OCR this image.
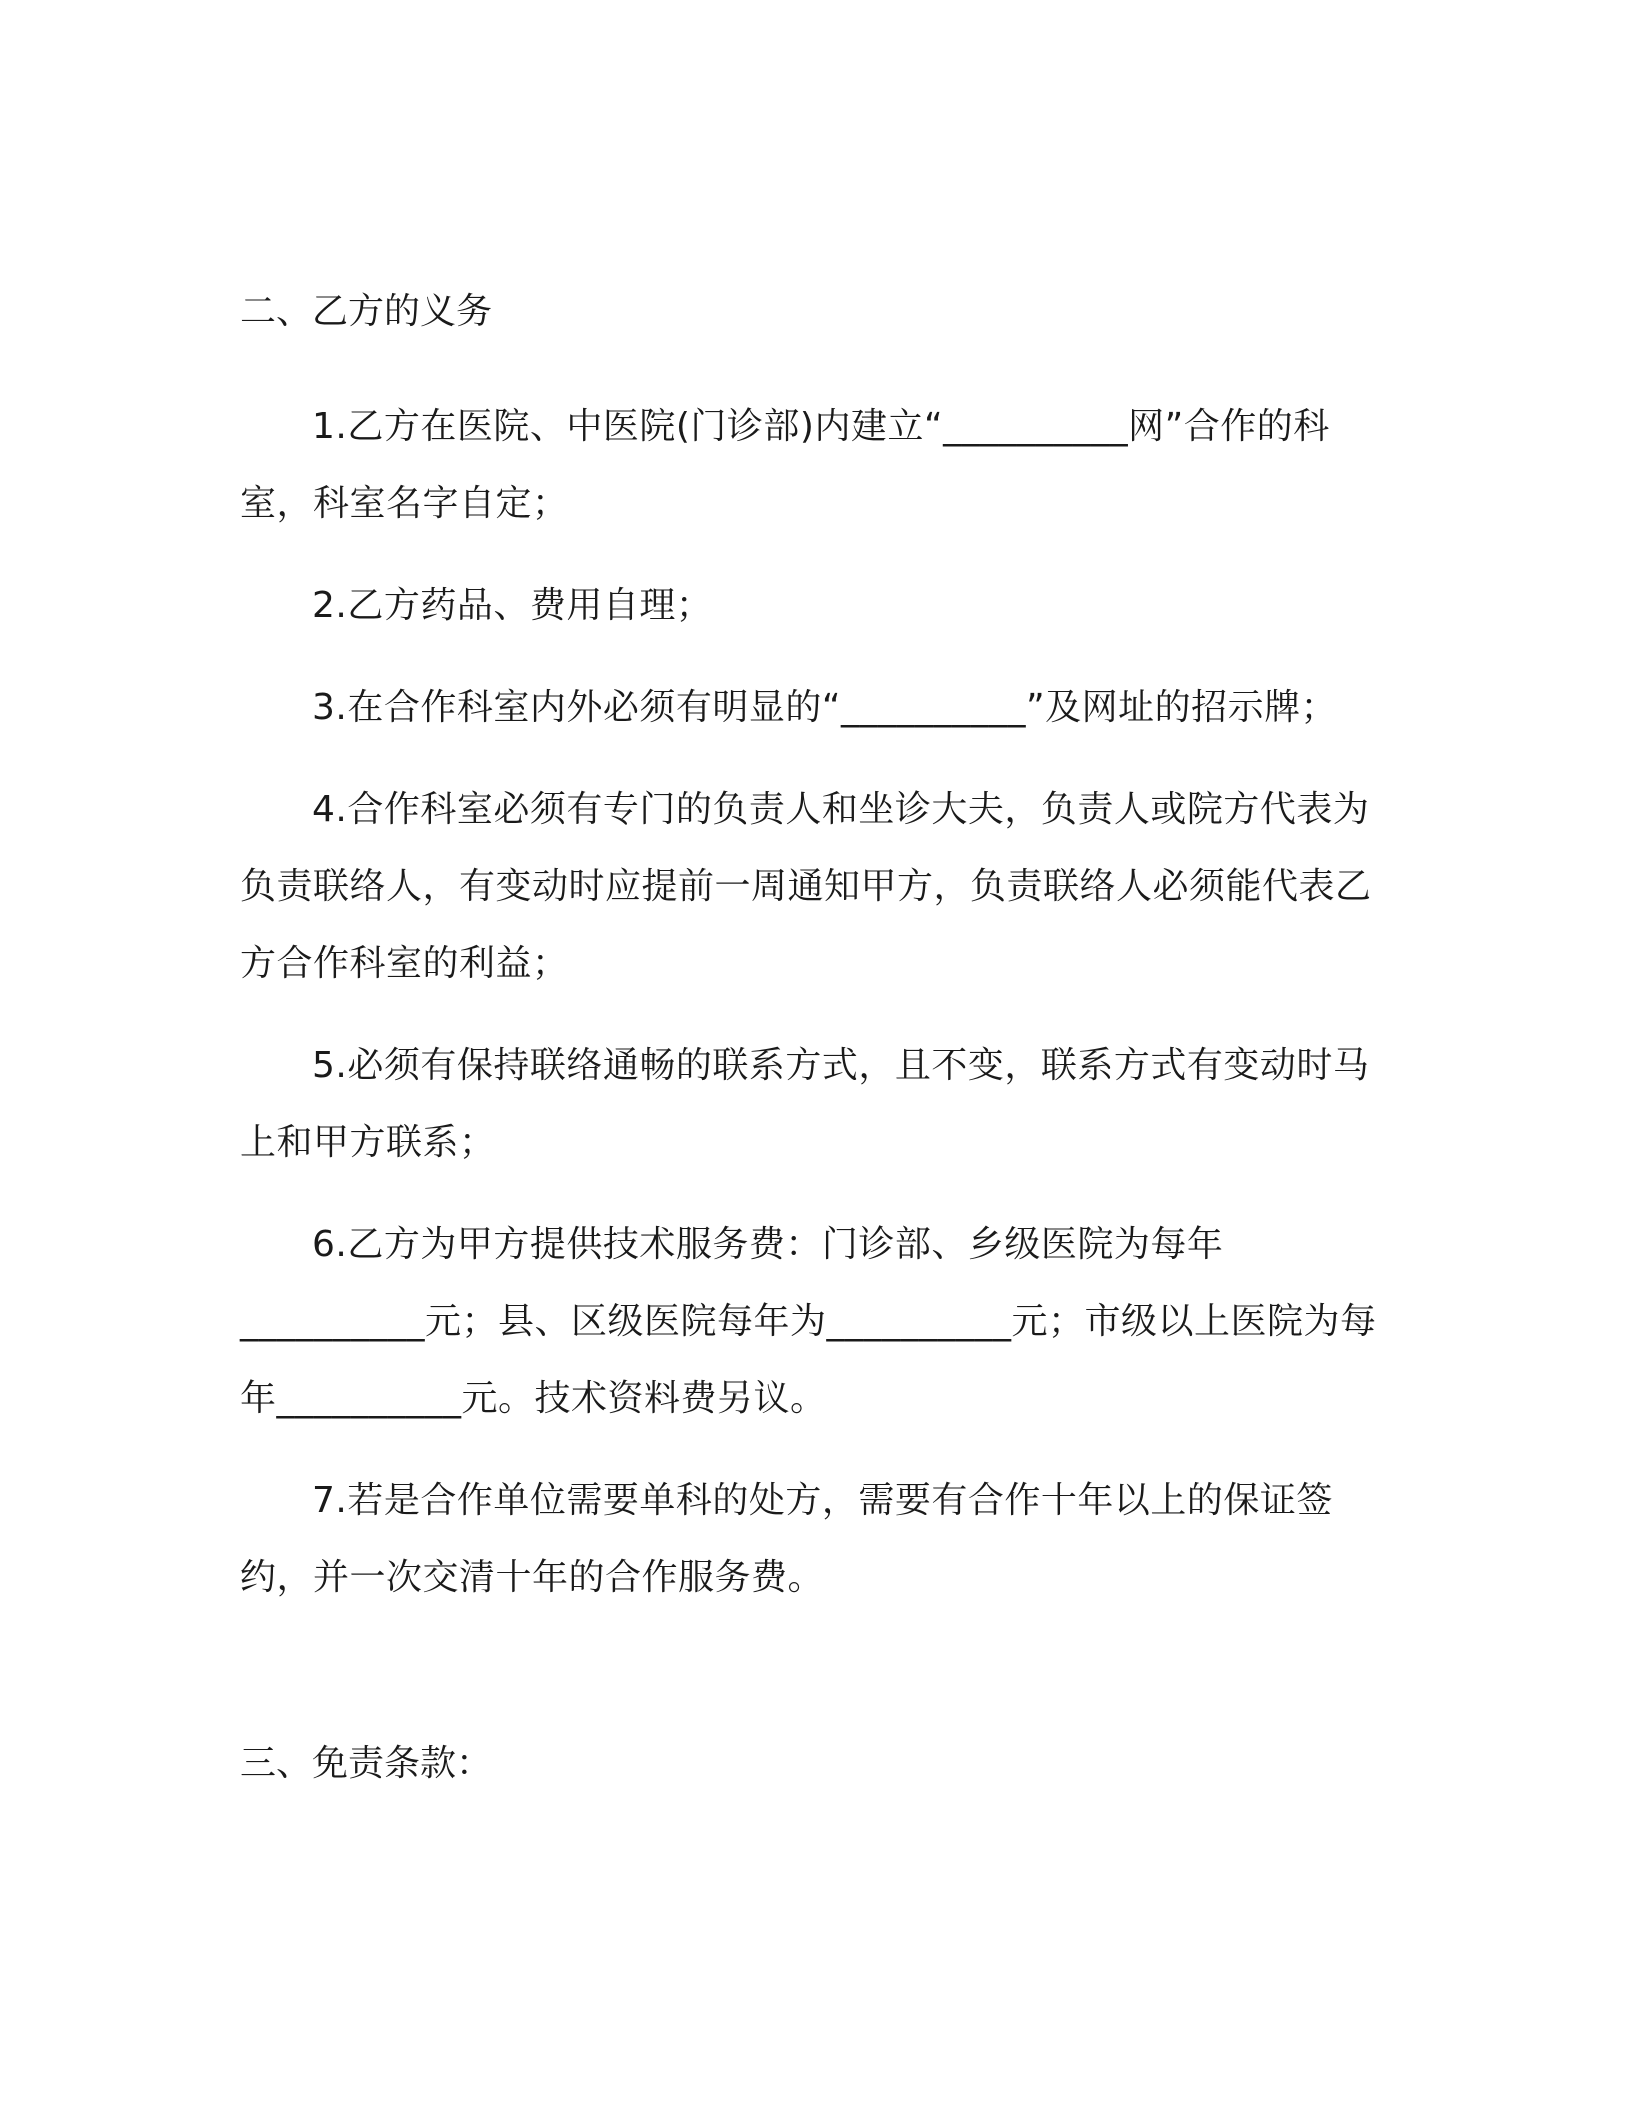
二、乙方的义务

1.乙方在医院、中医院(门诊部)内建立“__________网”合作的科室，科室名字自定；

2.乙方药品、费用自理；

3.在合作科室内外必须有明显的“__________”及网址的招示牌；

4.合作科室必须有专门的负责人和坐诊大夫，负责人或院方代表为负责联络人，有变动时应提前一周通知甲方，负责联络人必须能代表乙方合作科室的利益；

5.必须有保持联络通畅的联系方式，且不变，联系方式有变动时马上和甲方联系；

6.乙方为甲方提供技术服务费：门诊部、乡级医院为每年__________元；县、区级医院每年为__________元；市级以上医院为每年__________元。技术资料费另议。

7.若是合作单位需要单科的处方，需要有合作十年以上的保证签约，并一次交清十年的合作服务费。

三、免责条款：
